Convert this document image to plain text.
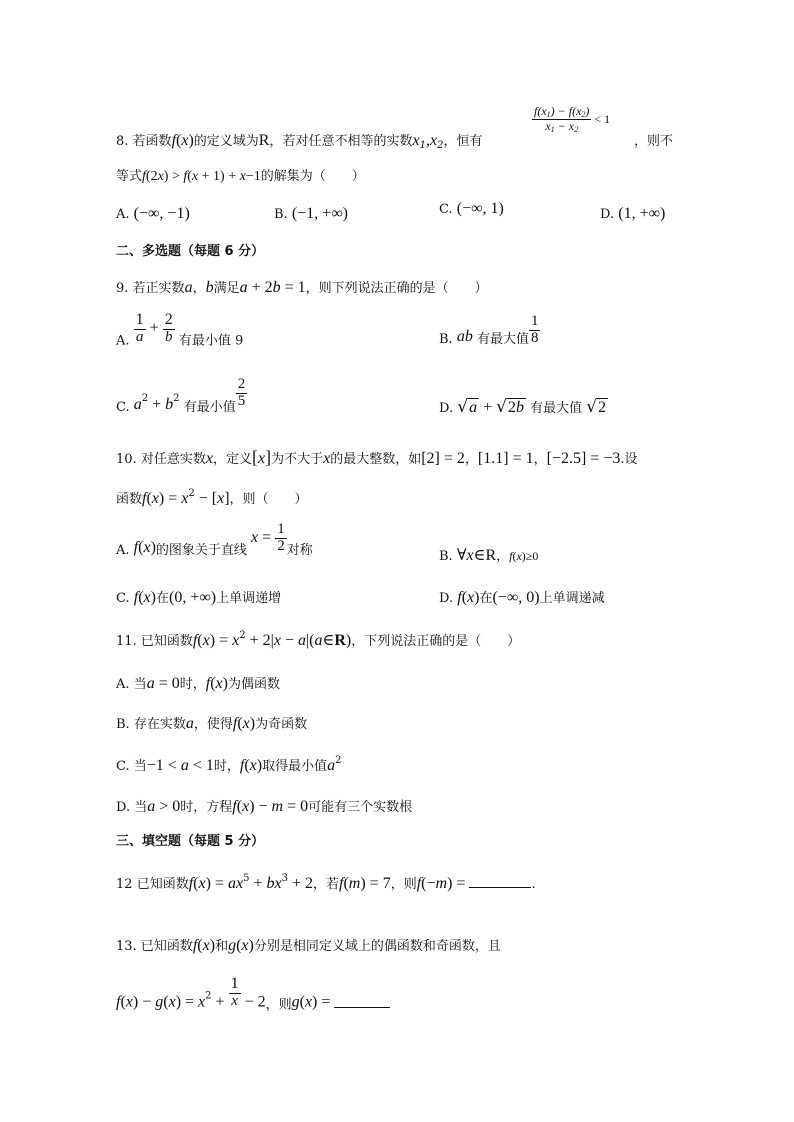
8. 若函数f(x)的定义域为R，若对任意不相等的实数$x_1,x_2$，恒有
$\frac{f(x1) - f(x2)}{x1 - x2} < 1$
，则不
等式f(2x) > f(x + 1) + x−1的解集为（　　）
A. (−∞, −1)	B. (−1, +∞)	C. (−∞, 1)	D. (1, +∞)
二、多选题（每题 6 分）
9. 若正实数a，b满足a + 2b = 1，则下列说法正确的是（　　）
A. $\frac{1}{a} + \frac{2}{b}$ 有最小值 9	B. ab 有最大值 $\frac{1}{8}$
C. $a_2 + b_2$ 有最小值 $\frac{2}{5}$	D. √a + √2b 有最大值 √2
10. 对任意实数x，定义[x]为不大于x的最大整数，如[2] = 2，[1.1] = 1，[−2.5] = −3.设
函数$f(x) = x^2 - [x]$，则（　　）
A. f(x)的图象关于直线 $x = \frac{1}{2}$ 对称	B. ∀x∈R，f(x)≥0
C. f(x)在(0, +∞)上单调递增	D. f(x)在(−∞, 0)上单调递减
11. 已知函数$f(x) = x^2 + 2|x$ − a|(a∈R)，下列说法正确的是（　　）
A. 当a = 0时，f(x)为偶函数
B. 存在实数a，使得f(x)为奇函数
C. 当−1 < a < 1时，f(x)取得最小值$a^2$
D. 当a > 0时，方程f(x) − m = 0可能有三个实数根
三、填空题（每题 5 分）
12 已知函数$f(x) = ax^5 + bx^3 + 2$，若f(m) = 7，则f(−m) =	.
13. 已知函数f(x)和g(x)分别是相同定义域上的偶函数和奇函数，且
$f(x) - g(x) = x_2 + \frac{1}{x} - 2$，则g(x) =
